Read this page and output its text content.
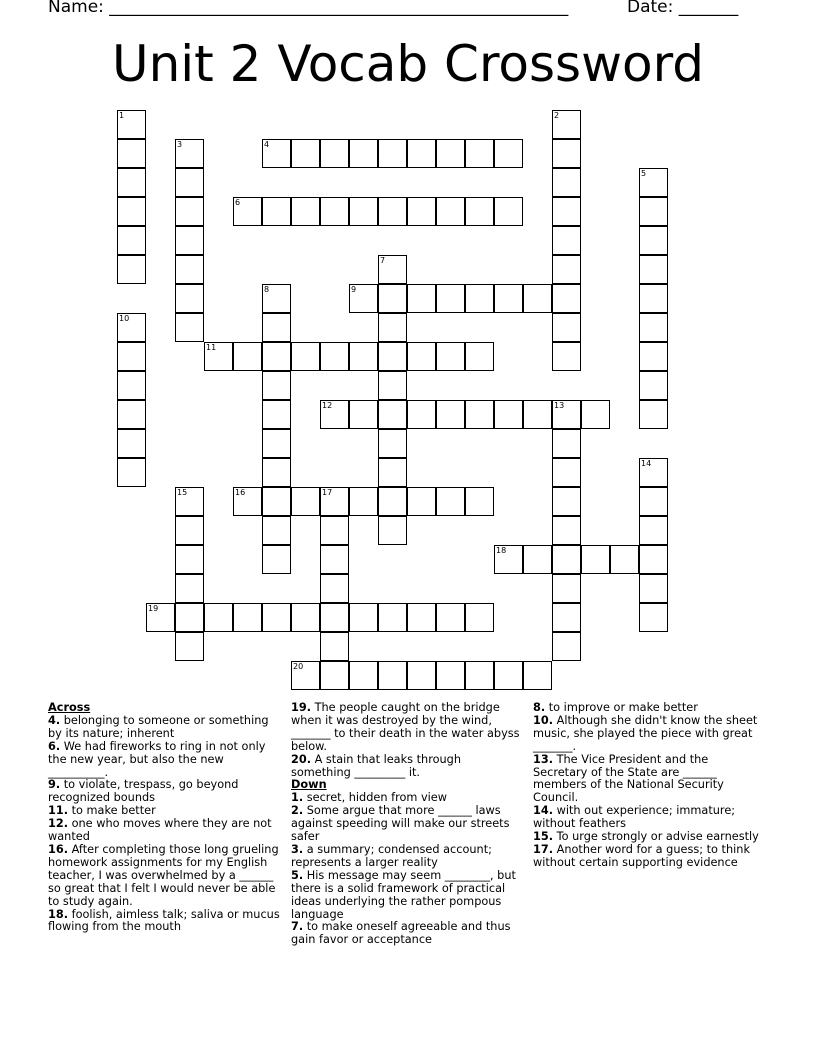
Name: ______________________________________________________	Date: _______
Unit 2 Vocab Crossword
1	2
3	4
5
6
7
8	9
10
11
12	13
14
15	16	17
18
19
20
Across
4. belonging to someone or something by its nature; inherent
6. We had fireworks to ring in not only the new year, but also the new __________.
9. to violate, trespass, go beyond recognized bounds
11. to make better
12. one who moves where they are not wanted
16. After completing those long grueling homework assignments for my English teacher, I was overwhelmed by a ______ so great that I felt I would never be able to study again.
18. foolish, aimless talk; saliva or mucus flowing from the mouth
19. The people caught on the bridge when it was destroyed by the wind, _______ to their death in the water abyss below.
20. A stain that leaks through something _________ it.
Down
1. secret, hidden from view
2. Some argue that more ______ laws against speeding will make our streets safer
3. a summary; condensed account; represents a larger reality
5. His message may seem ________, but there is a solid framework of practical ideas underlying the rather pompous language
7. to make oneself agreeable and thus gain favor or acceptance
8. to improve or make better
10. Although she didn't know the sheet music, she played the piece with great _______.
13. The Vice President and the Secretary of the State are ______ members of the National Security Council.
14. with out experience; immature; without feathers
15. To urge strongly or advise earnestly
17. Another word for a guess; to think without certain supporting evidence
